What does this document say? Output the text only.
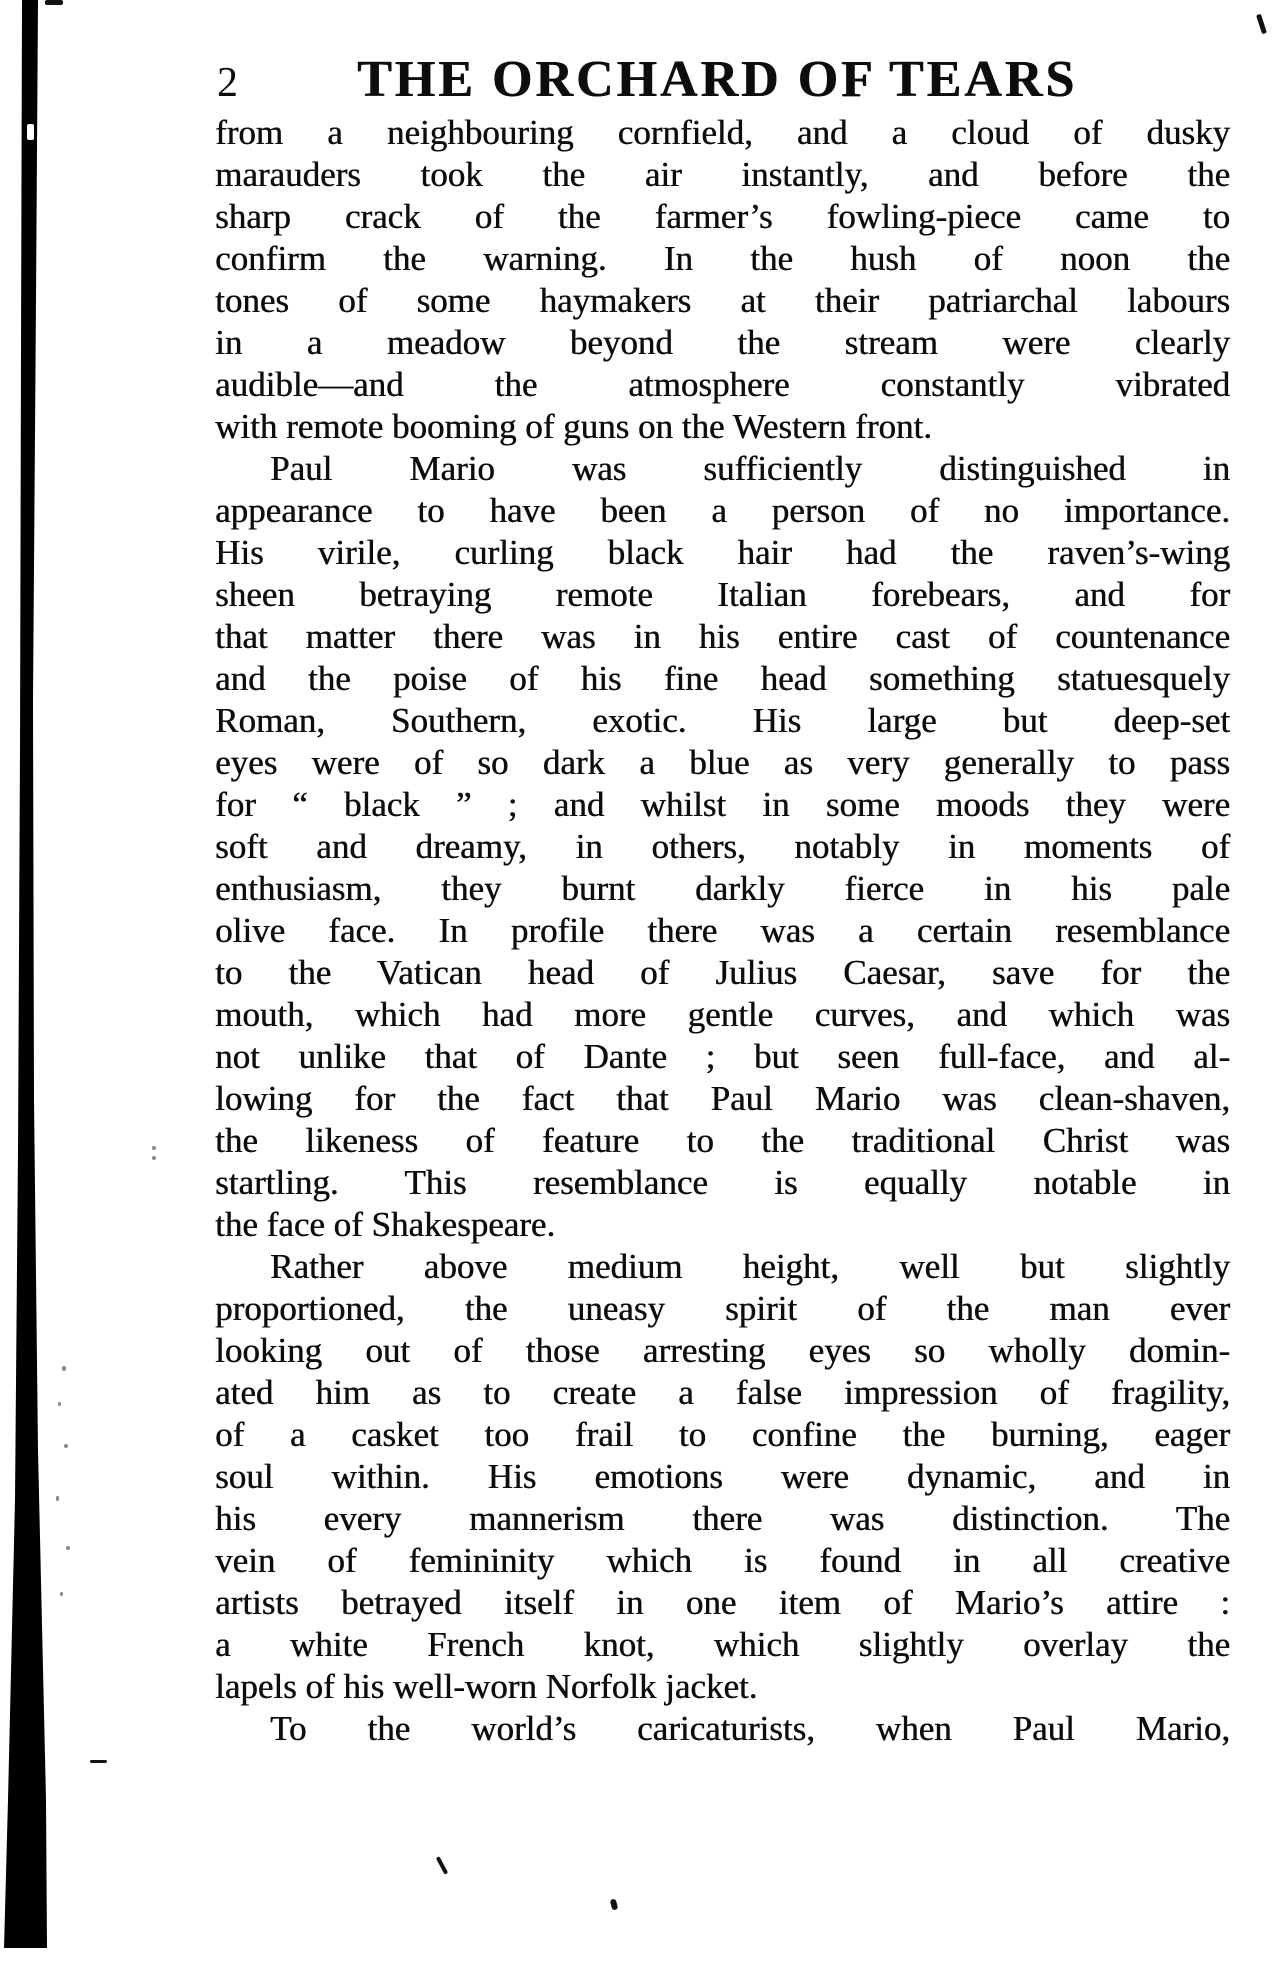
2 THE ORCHARD OF TEARS
from a neighbouring cornfield, and a cloud of dusky
marauders took the air instantly, and before the
sharp crack of the farmer’s fowling-piece came to
confirm the warning. In the hush of noon the
tones of some haymakers at their patriarchal labours
in a meadow beyond the stream were clearly
audible—and the atmosphere constantly vibrated
with remote booming of guns on the Western front.
Paul Mario was sufficiently distinguished in
appearance to have been a person of no importance.
His virile, curling black hair had the raven’s-wing
sheen betraying remote Italian forebears, and for
that matter there was in his entire cast of countenance
and the poise of his fine head something statuesquely
Roman, Southern, exotic. His large but deep-set
eyes were of so dark a blue as very generally to pass
for “ black ” ; and whilst in some moods they were
soft and dreamy, in others, notably in moments of
enthusiasm, they burnt darkly fierce in his pale
olive face. In profile there was a certain resemblance
to the Vatican head of Julius Caesar, save for the
mouth, which had more gentle curves, and which was
not unlike that of Dante ; but seen full-face, and al-
lowing for the fact that Paul Mario was clean-shaven,
the likeness of feature to the traditional Christ was
startling. This resemblance is equally notable in
the face of Shakespeare.
Rather above medium height, well but slightly
proportioned, the uneasy spirit of the man ever
looking out of those arresting eyes so wholly domin-
ated him as to create a false impression of fragility,
of a casket too frail to confine the burning, eager
soul within. His emotions were dynamic, and in
his every mannerism there was distinction. The
vein of femininity which is found in all creative
artists betrayed itself in one item of Mario’s attire :
a white French knot, which slightly overlay the
lapels of his well-worn Norfolk jacket.
To the world’s caricaturists, when Paul Mario,
